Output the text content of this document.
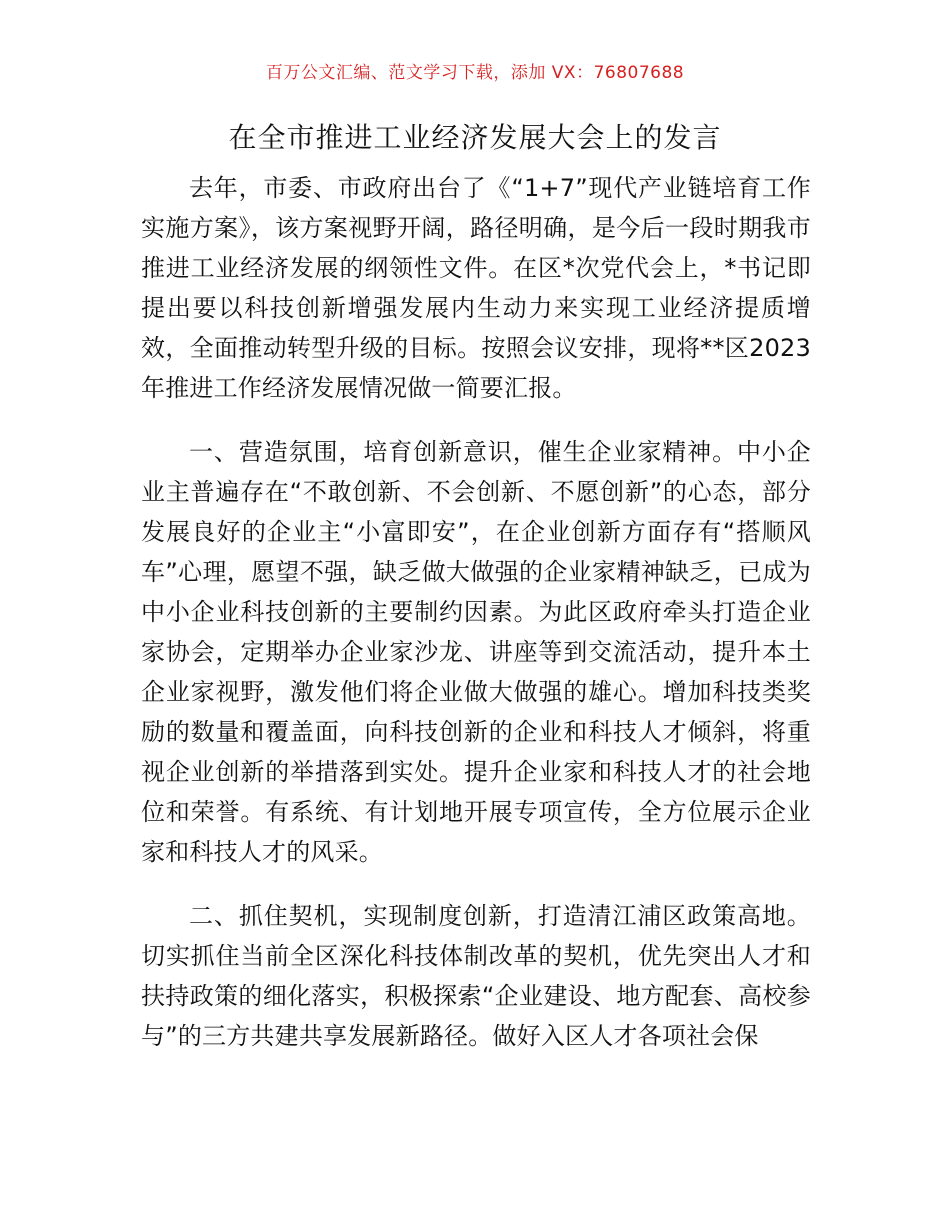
百万公文汇编、范文学习下载，添加 VX：76807688
在全市推进工业经济发展大会上的发言

去年，市委、市政府出台了《“1+7”现代产业链培育工作实施方案》，该方案视野开阔，路径明确，是今后一段时期我市推进工业经济发展的纲领性文件。在区*次党代会上，*书记即提出要以科技创新增强发展内生动力来实现工业经济提质增效，全面推动转型升级的目标。按照会议安排，现将**区2023年推进工作经济发展情况做一简要汇报。

一、营造氛围，培育创新意识，催生企业家精神。中小企业主普遍存在“不敢创新、不会创新、不愿创新”的心态，部分发展良好的企业主“小富即安”，在企业创新方面存有“搭顺风车”心理，愿望不强，缺乏做大做强的企业家精神缺乏，已成为中小企业科技创新的主要制约因素。为此区政府牵头打造企业家协会，定期举办企业家沙龙、讲座等到交流活动，提升本土企业家视野，激发他们将企业做大做强的雄心。增加科技类奖励的数量和覆盖面，向科技创新的企业和科技人才倾斜，将重视企业创新的举措落到实处。提升企业家和科技人才的社会地位和荣誉。有系统、有计划地开展专项宣传，全方位展示企业家和科技人才的风采。

二、抓住契机，实现制度创新，打造清江浦区政策高地。切实抓住当前全区深化科技体制改革的契机，优先突出人才和扶持政策的细化落实，积极探索“企业建设、地方配套、高校参与”的三方共建共享发展新路径。做好入区人才各项社会保
